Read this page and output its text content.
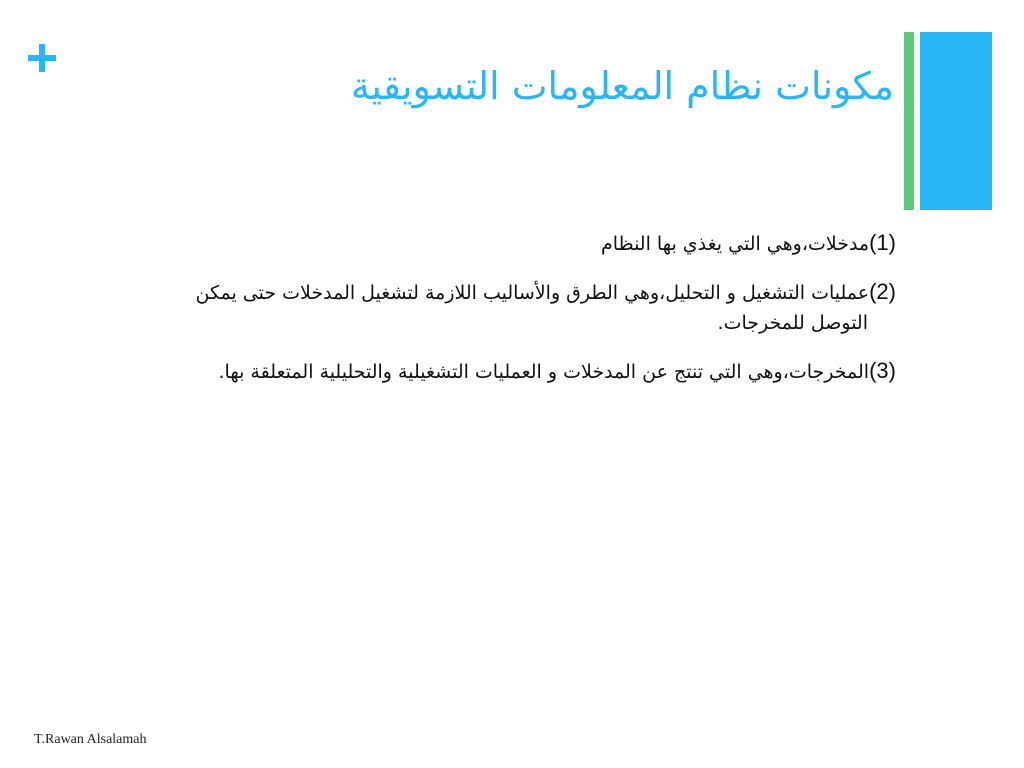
مكونات نظام المعلومات التسويقية
(1)مدخلات،وهي التي يغذي بها النظام
(2)عمليات التشغيل و التحليل،وهي الطرق والأساليب اللازمة لتشغيل المدخلات حتى يمكن
التوصل للمخرجات.
(3)المخرجات،وهي التي تنتج عن المدخلات و العمليات التشغيلية والتحليلية المتعلقة بها.
T.Rawan Alsalamah
